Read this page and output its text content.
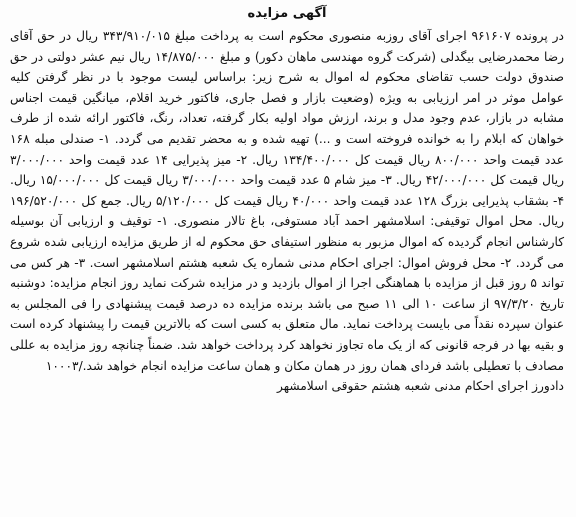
آگهی مزایده

در پرونده ۹۶۱۶۰۷ اجرای آقای روزبه منصوری محکوم است به پرداخت مبلغ ۳۴۳/۹۱۰/۰۱۵ ریال در حق آقای رضا محمدرضایی بیگدلی (شرکت گروه مهندسی ماهان دکور) و مبلغ ۱۴/۸۷۵/۰۰۰ ریال نیم عشر دولتی در حق صندوق دولت حسب تقاضای محکوم له اموال به شرح زیر: براساس لیست موجود با در نظر گرفتن کلیه عوامل موثر در امر ارزیابی به ویژه (وضعیت بازار و فصل جاری، فاکتور خرید اقلام، میانگین قیمت اجناس مشابه در بازار، عدم وجود مدل و برند، ارزش مواد اولیه بکار گرفته، تعداد، رنگ، فاکتور ارائه شده از طرف خواهان که ابلام را به خوانده فروخته است و ...) تهیه شده و به محضر تقدیم می گردد. ۱- صندلی مبله ۱۶۸ عدد قیمت واحد ۸۰۰/۰۰۰ ریال قیمت کل ۱۳۴/۴۰۰/۰۰۰ ریال. ۲- میز پذیرایی ۱۴ عدد قیمت واحد ۳/۰۰۰/۰۰۰ ریال قیمت کل ۴۲/۰۰۰/۰۰۰ ریال. ۳- میز شام ۵ عدد قیمت واحد ۳/۰۰۰/۰۰۰ ریال قیمت کل ۱۵/۰۰۰/۰۰۰ ریال. ۴- بشقاب پذیرایی بزرگ ۱۲۸ عدد قیمت واحد ۴۰/۰۰۰ ریال قیمت کل ۵/۱۲۰/۰۰۰ ریال. جمع کل ۱۹۶/۵۲۰/۰۰۰ ریال. محل اموال توقیفی: اسلامشهر احمد آباد مستوفی، باغ تالار منصوری. ۱- توقیف و ارزیابی آن بوسیله کارشناس انجام گردیده که اموال مزبور به منظور استیفای حق محکوم له از طریق مزایده ارزیابی شده شروع می گردد. ۲- محل فروش اموال: اجرای احکام مدنی شماره یک شعبه هشتم اسلامشهر است. ۳- هر کس می تواند ۵ روز قبل از مزایده با هماهنگی اجرا از اموال بازدید و در مزایده شرکت نماید روز انجام مزایده: دوشنبه تاریخ ۹۷/۳/۲۰ از ساعت ۱۰ الی ۱۱ صبح می باشد برنده مزایده ده درصد قیمت پیشنهادی را فی المجلس به عنوان سپرده نقداً می بایست پرداخت نماید. مال متعلق به کسی است که بالاترین قیمت را پیشنهاد کرده است و بقیه بها در فرجه قانونی که از یک ماه تجاوز نخواهد کرد پرداخت خواهد شد. ضمناً چنانچه روز مزایده به عللی مصادف با تعطیلی باشد فردای همان روز در همان مکان و همان ساعت مزایده انجام خواهد شد./۱۰۰۰۳

دادورز اجرای احکام مدنی شعبه هشتم حقوقی اسلامشهر
